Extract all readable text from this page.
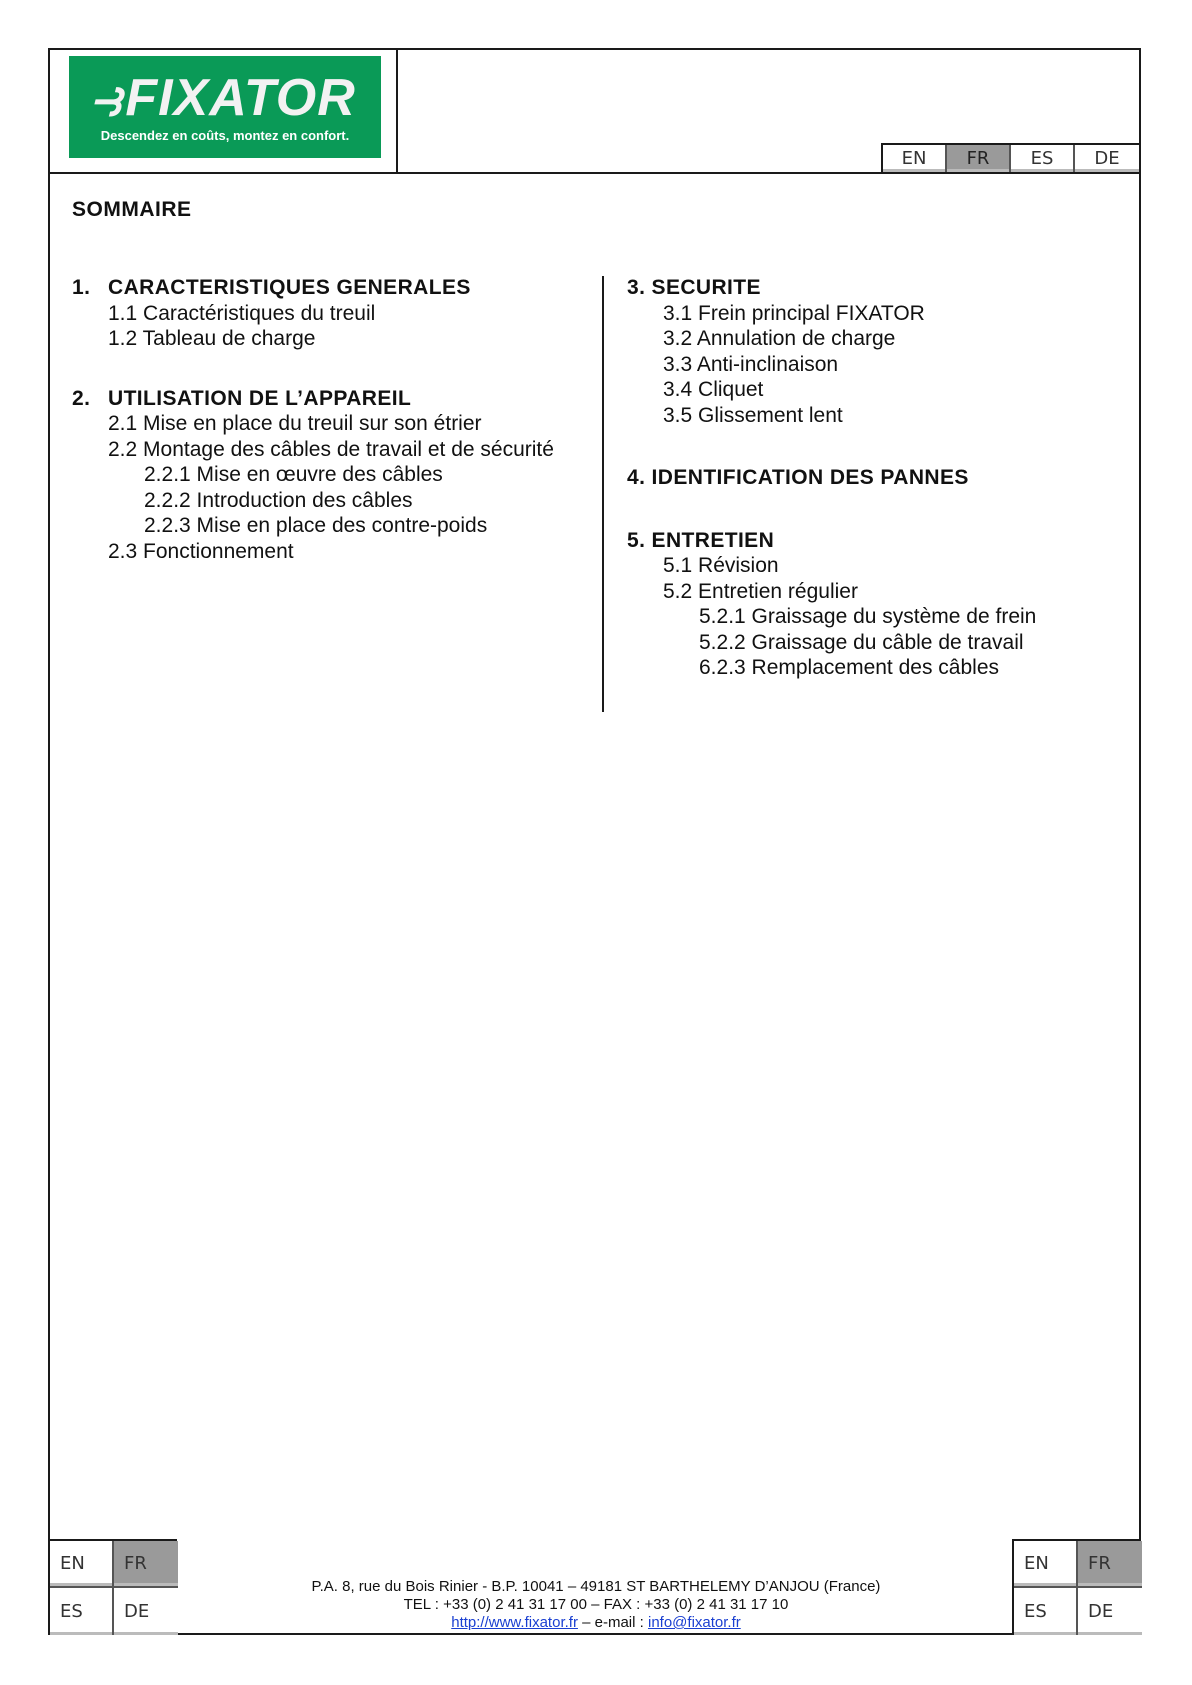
⥽FIXATOR
Descendez en coûts, montez en confort.
EN	FR	ES	DE
SOMMAIRE
1. CARACTERISTIQUES GENERALES
1.1 Caractéristiques du treuil
1.2 Tableau de charge
2. UTILISATION DE L’APPAREIL
2.1 Mise en place du treuil sur son étrier
2.2 Montage des câbles de travail et de sécurité
2.2.1 Mise en œuvre des câbles
2.2.2 Introduction des câbles
2.2.3 Mise en place des contre-poids
2.3 Fonctionnement
3. SECURITE
3.1 Frein principal FIXATOR
3.2 Annulation de charge
3.3 Anti-inclinaison
3.4 Cliquet
3.5 Glissement lent
4. IDENTIFICATION DES PANNES
5. ENTRETIEN
5.1 Révision
5.2 Entretien régulier
5.2.1 Graissage du système de frein
5.2.2 Graissage du câble de travail
6.2.3 Remplacement des câbles
EN	FR
ES	DE
P.A. 8, rue du Bois Rinier - B.P. 10041 – 49181 ST BARTHELEMY D’ANJOU (France)
TEL : +33 (0) 2 41 31 17 00 – FAX : +33 (0) 2 41 31 17 10
http://www.fixator.fr – e-mail : info@fixator.fr
EN	FR
ES	DE
